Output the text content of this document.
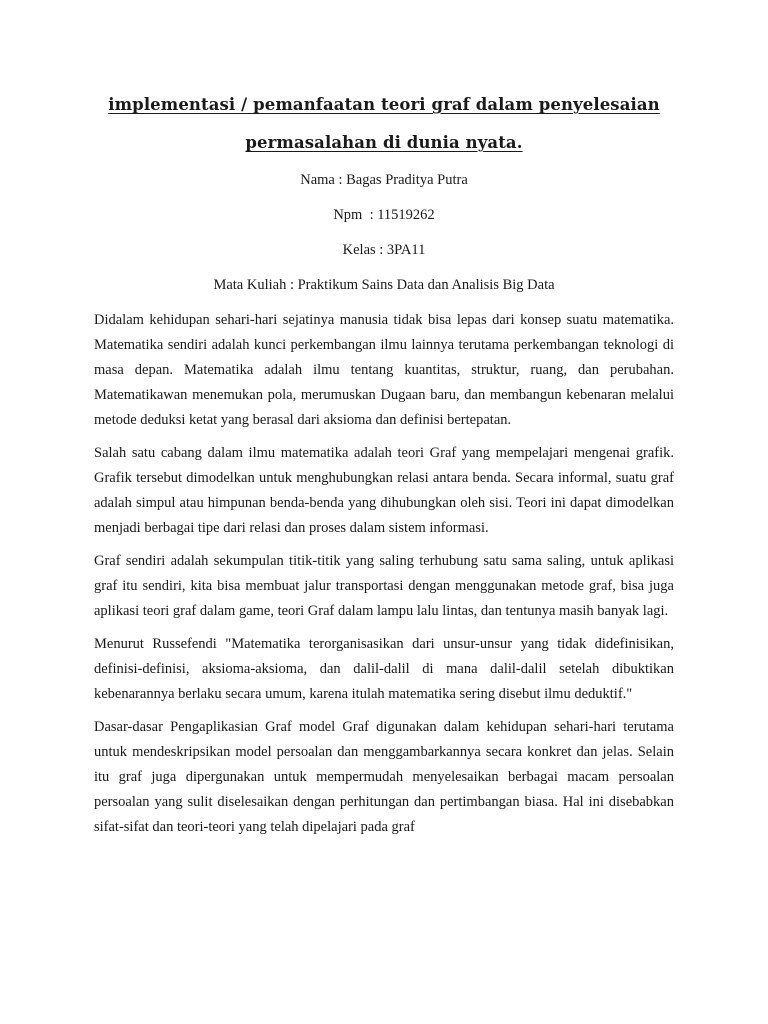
implementasi / pemanfaatan teori graf dalam penyelesaian
permasalahan di dunia nyata.
Nama : Bagas Praditya Putra
Npm  : 11519262
Kelas : 3PA11
Mata Kuliah : Praktikum Sains Data dan Analisis Big Data

Didalam kehidupan sehari-hari sejatinya manusia tidak bisa lepas dari konsep suatu matematika. Matematika sendiri adalah kunci perkembangan ilmu lainnya terutama perkembangan teknologi di masa depan. Matematika adalah ilmu tentang kuantitas, struktur, ruang, dan perubahan. Matematikawan menemukan pola, merumuskan Dugaan baru, dan membangun kebenaran melalui metode deduksi ketat yang berasal dari aksioma dan definisi bertepatan.

Salah satu cabang dalam ilmu matematika adalah teori Graf yang mempelajari mengenai grafik. Grafik tersebut dimodelkan untuk menghubungkan relasi antara benda. Secara informal, suatu graf adalah simpul atau himpunan benda-benda yang dihubungkan oleh sisi. Teori ini dapat dimodelkan menjadi berbagai tipe dari relasi dan proses dalam sistem informasi.

Graf sendiri adalah sekumpulan titik-titik yang saling terhubung satu sama saling, untuk aplikasi graf itu sendiri, kita bisa membuat jalur transportasi dengan menggunakan metode graf, bisa juga aplikasi teori graf dalam game, teori Graf dalam lampu lalu lintas, dan tentunya masih banyak lagi.

Menurut Russefendi "Matematika terorganisasikan dari unsur-unsur yang tidak didefinisikan, definisi-definisi, aksioma-aksioma, dan dalil-dalil di mana dalil-dalil setelah dibuktikan kebenarannya berlaku secara umum, karena itulah matematika sering disebut ilmu deduktif."

Dasar-dasar Pengaplikasian Graf model Graf digunakan dalam kehidupan sehari-hari terutama untuk mendeskripsikan model persoalan dan menggambarkannya secara konkret dan jelas. Selain itu graf juga dipergunakan untuk mempermudah menyelesaikan berbagai macam persoalan persoalan yang sulit diselesaikan dengan perhitungan dan pertimbangan biasa. Hal ini disebabkan sifat-sifat dan teori-teori yang telah dipelajari pada graf
